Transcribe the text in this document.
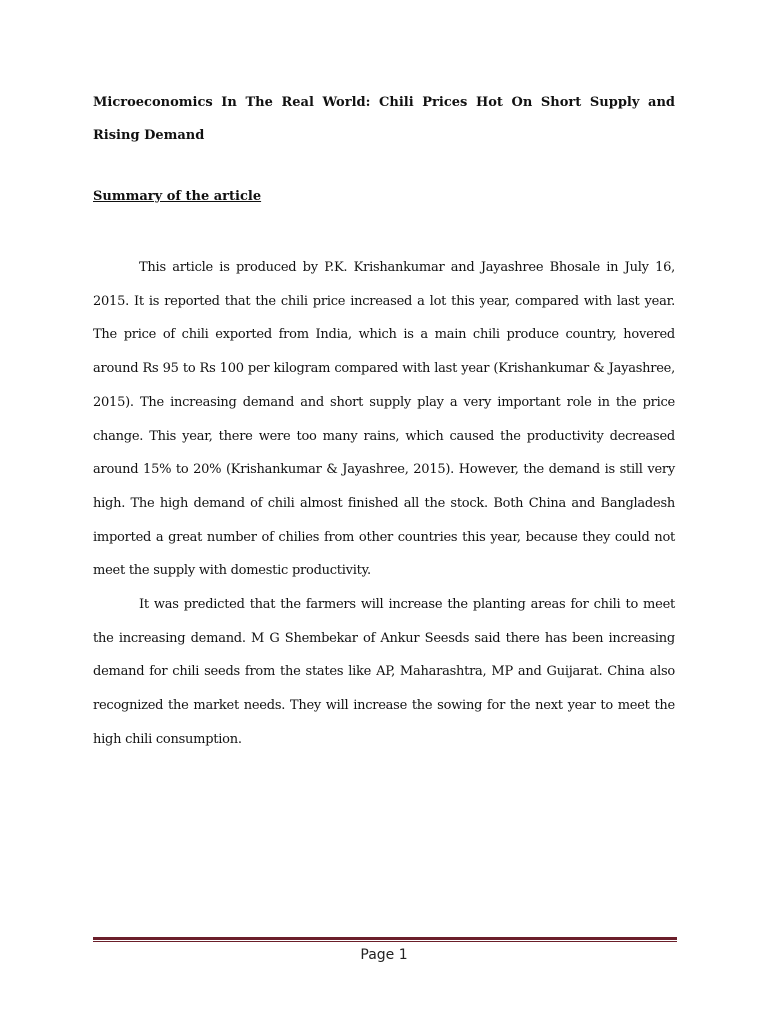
Microeconomics In The Real World: Chili Prices Hot On Short Supply and Rising Demand
Summary of the article

This article is produced by P.K. Krishankumar and Jayashree Bhosale in July 16, 2015. It is reported that the chili price increased a lot this year, compared with last year. The price of chili exported from India, which is a main chili produce country, hovered around Rs 95 to Rs 100 per kilogram compared with last year (Krishankumar & Jayashree, 2015). The increasing demand and short supply play a very important role in the price change. This year, there were too many rains, which caused the productivity decreased around 15% to 20% (Krishankumar & Jayashree, 2015). However, the demand is still very high. The high demand of chili almost finished all the stock. Both China and Bangladesh imported a great number of chilies from other countries this year, because they could not meet the supply with domestic productivity.

It was predicted that the farmers will increase the planting areas for chili to meet the increasing demand. M G Shembekar of Ankur Seesds said there has been increasing demand for chili seeds from the states like AP, Maharashtra, MP and Guijarat. China also recognized the market needs. They will increase the sowing for the next year to meet the high chili consumption.

Page 1
